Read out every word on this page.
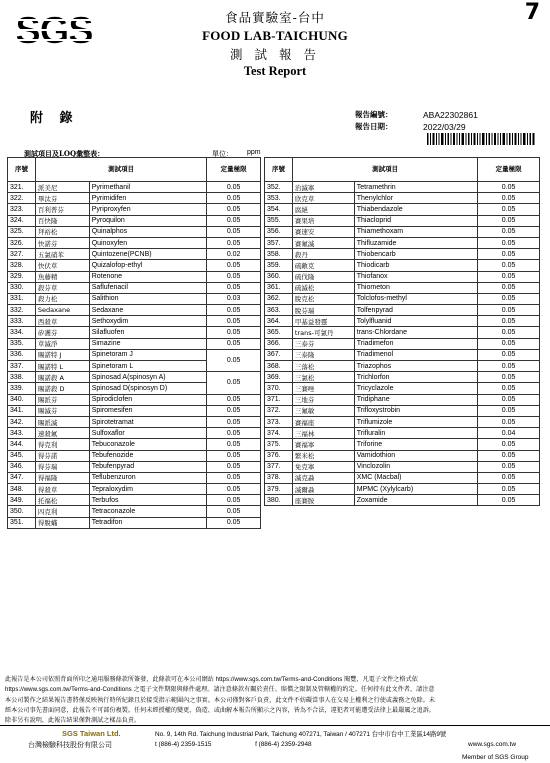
SGS	7
食品實驗室-台中
FOOD LAB-TAICHUNG
測 試 報 告
Test Report
附 錄	報告編號：	ABA22302861
報告日期：	2022/03/29
測試項目及LOQ彙整表：	單位： ppm
序號	測試項目		定量極限
321.	派美尼	Pyrimethanil	0.05
322.	畢汰芬	Pyrimidifen	0.05
323.	百利普芬	Pyriproxyfen	0.05
324.	百快隆	Pyroquilon	0.05
325.	拜裕松	Quinalphos	0.05
326.	快諾芬	Quinoxyfen	0.05
327.	五氯硝苯	Quintozene(PCNB)	0.02
328.	快伏草	Quizalofop-ethyl	0.05
329.	魚藤精	Rotenone	0.05
330.	殺芬草	Saflufenacil	0.05
331.	殺力松	Salithion	0.03
332.	Sedaxane	Sedaxane	0.05
333.	西殺草	Sethoxydim	0.05
334.	矽護芬	Silafluofen	0.05
335.	草滅淨	Simazine	0.05
336.	賜諾特 J	Spinetoram J	0.05
337.	賜諾特 L	Spinetoram L	
338.	賜諾殺 A	Spinosad A(spinosyn A)	0.05
339.	賜諾殺 D	Spinosad D(spinosyn D)	
340.	賜派芬	Spirodiclofen	0.05
341.	賜滅芬	Spiromesifen	0.05
342.	賜派滅	Spirotetramat	0.05
343.	速殺氟	Sulfoxaflor	0.05
344.	得克利	Tebuconazole	0.05
345.	得芬諾	Tebufenozide	0.05
346.	得芬瑞	Tebufenpyrad	0.05
347.	得福隆	Teflubenzuron	0.05
348.	得殺草	Tepraloxydim	0.05
349.	托福松	Terbufos	0.05
350.	四克利	Tetraconazole	0.05
351.	得脫蟎	Tetradifon	0.05
序號	測試項目		定量極限
352.	治滅寧	Tetramethrin	0.05
353.	欣克草	Thenylchlor	0.05
354.	腐絕	Thiabendazole	0.05
355.	賽果培	Thiacloprid	0.05
356.	賽速安	Thiamethoxam	0.05
357.	賽氟滅	Thifluzamide	0.05
358.	殺丹	Thiobencarb	0.05
359.	硫敵克	Thiodicarb	0.05
360.	硫伐隆	Thiofanox	0.05
361.	硫滅松	Thiometon	0.05
362.	脫克松	Tolclofos-methyl	0.05
363.	脫芬瑞	Tolfenpyrad	0.05
364.	甲基益發靈	Tolylfluanid	0.05
365.	trans-可氯丹	trans-Chlordane	0.05
366.	三泰芬	Triadimefon	0.05
367.	三泰隆	Triadimenol	0.05
368.	三落松	Triazophos	0.05
369.	三氯松	Trichlorfon	0.05
370.	三賽唑	Tricyclazole	0.05
371.	三地芬	Tridiphane	0.05
372.	三氟敏	Trifloxystrobin	0.05
373.	賽福座	Triflumizole	0.05
374.	三福林	Trifluralin	0.04
375.	賽福寧	Triforine	0.05
376.	繁米松	Vamidothion	0.05
377.	免克寧	Vinclozolin	0.05
378.	滅克蝨	XMC (Macbal)	0.05
379.	滅爾蝨	MPMC (Xylylcarb)	0.05
380.	座賽胺	Zoxamide	0.05
此報告是本公司依照背面所印之通用服務條款所簽發，此條款可在本公司網站 https://www.sgs.com.tw/Terms-and-Conditions 閱覽，凡電子文件之格式依
https://www.sgs.com.tw/Terms-and-Conditions 之電子文件期限與條件處理。請注意條款有關於責任、賠償之限制及管轄權的約定。任何持有此文件者，請注意
本公司製作之結果報告書將僅反映執行時所紀錄且於接受指示範圍內之事實。本公司僅對客戶負責，此文件不妨礙當事人在交易上權利之行使或義務之免除。未
經本公司事先書面同意，此報告不可部份複製。任何未經授權的變更、偽造、或曲解本報告所顯示之內容，皆為不合法，違犯者可能遭受法律上最嚴厲之追訴。
除非另有說明，此報告結果僅對測試之樣品負責。
SGS Taiwan Ltd.
台灣檢驗科技股份有限公司
No. 9, 14th Rd. Taichung Industrial Park, Taichung 407271, Taiwan / 407271 台中市台中工業區14路9號
t (886-4) 2359-1515	f (886-4) 2359-2948	www.sgs.com.tw
Member of SGS Group
